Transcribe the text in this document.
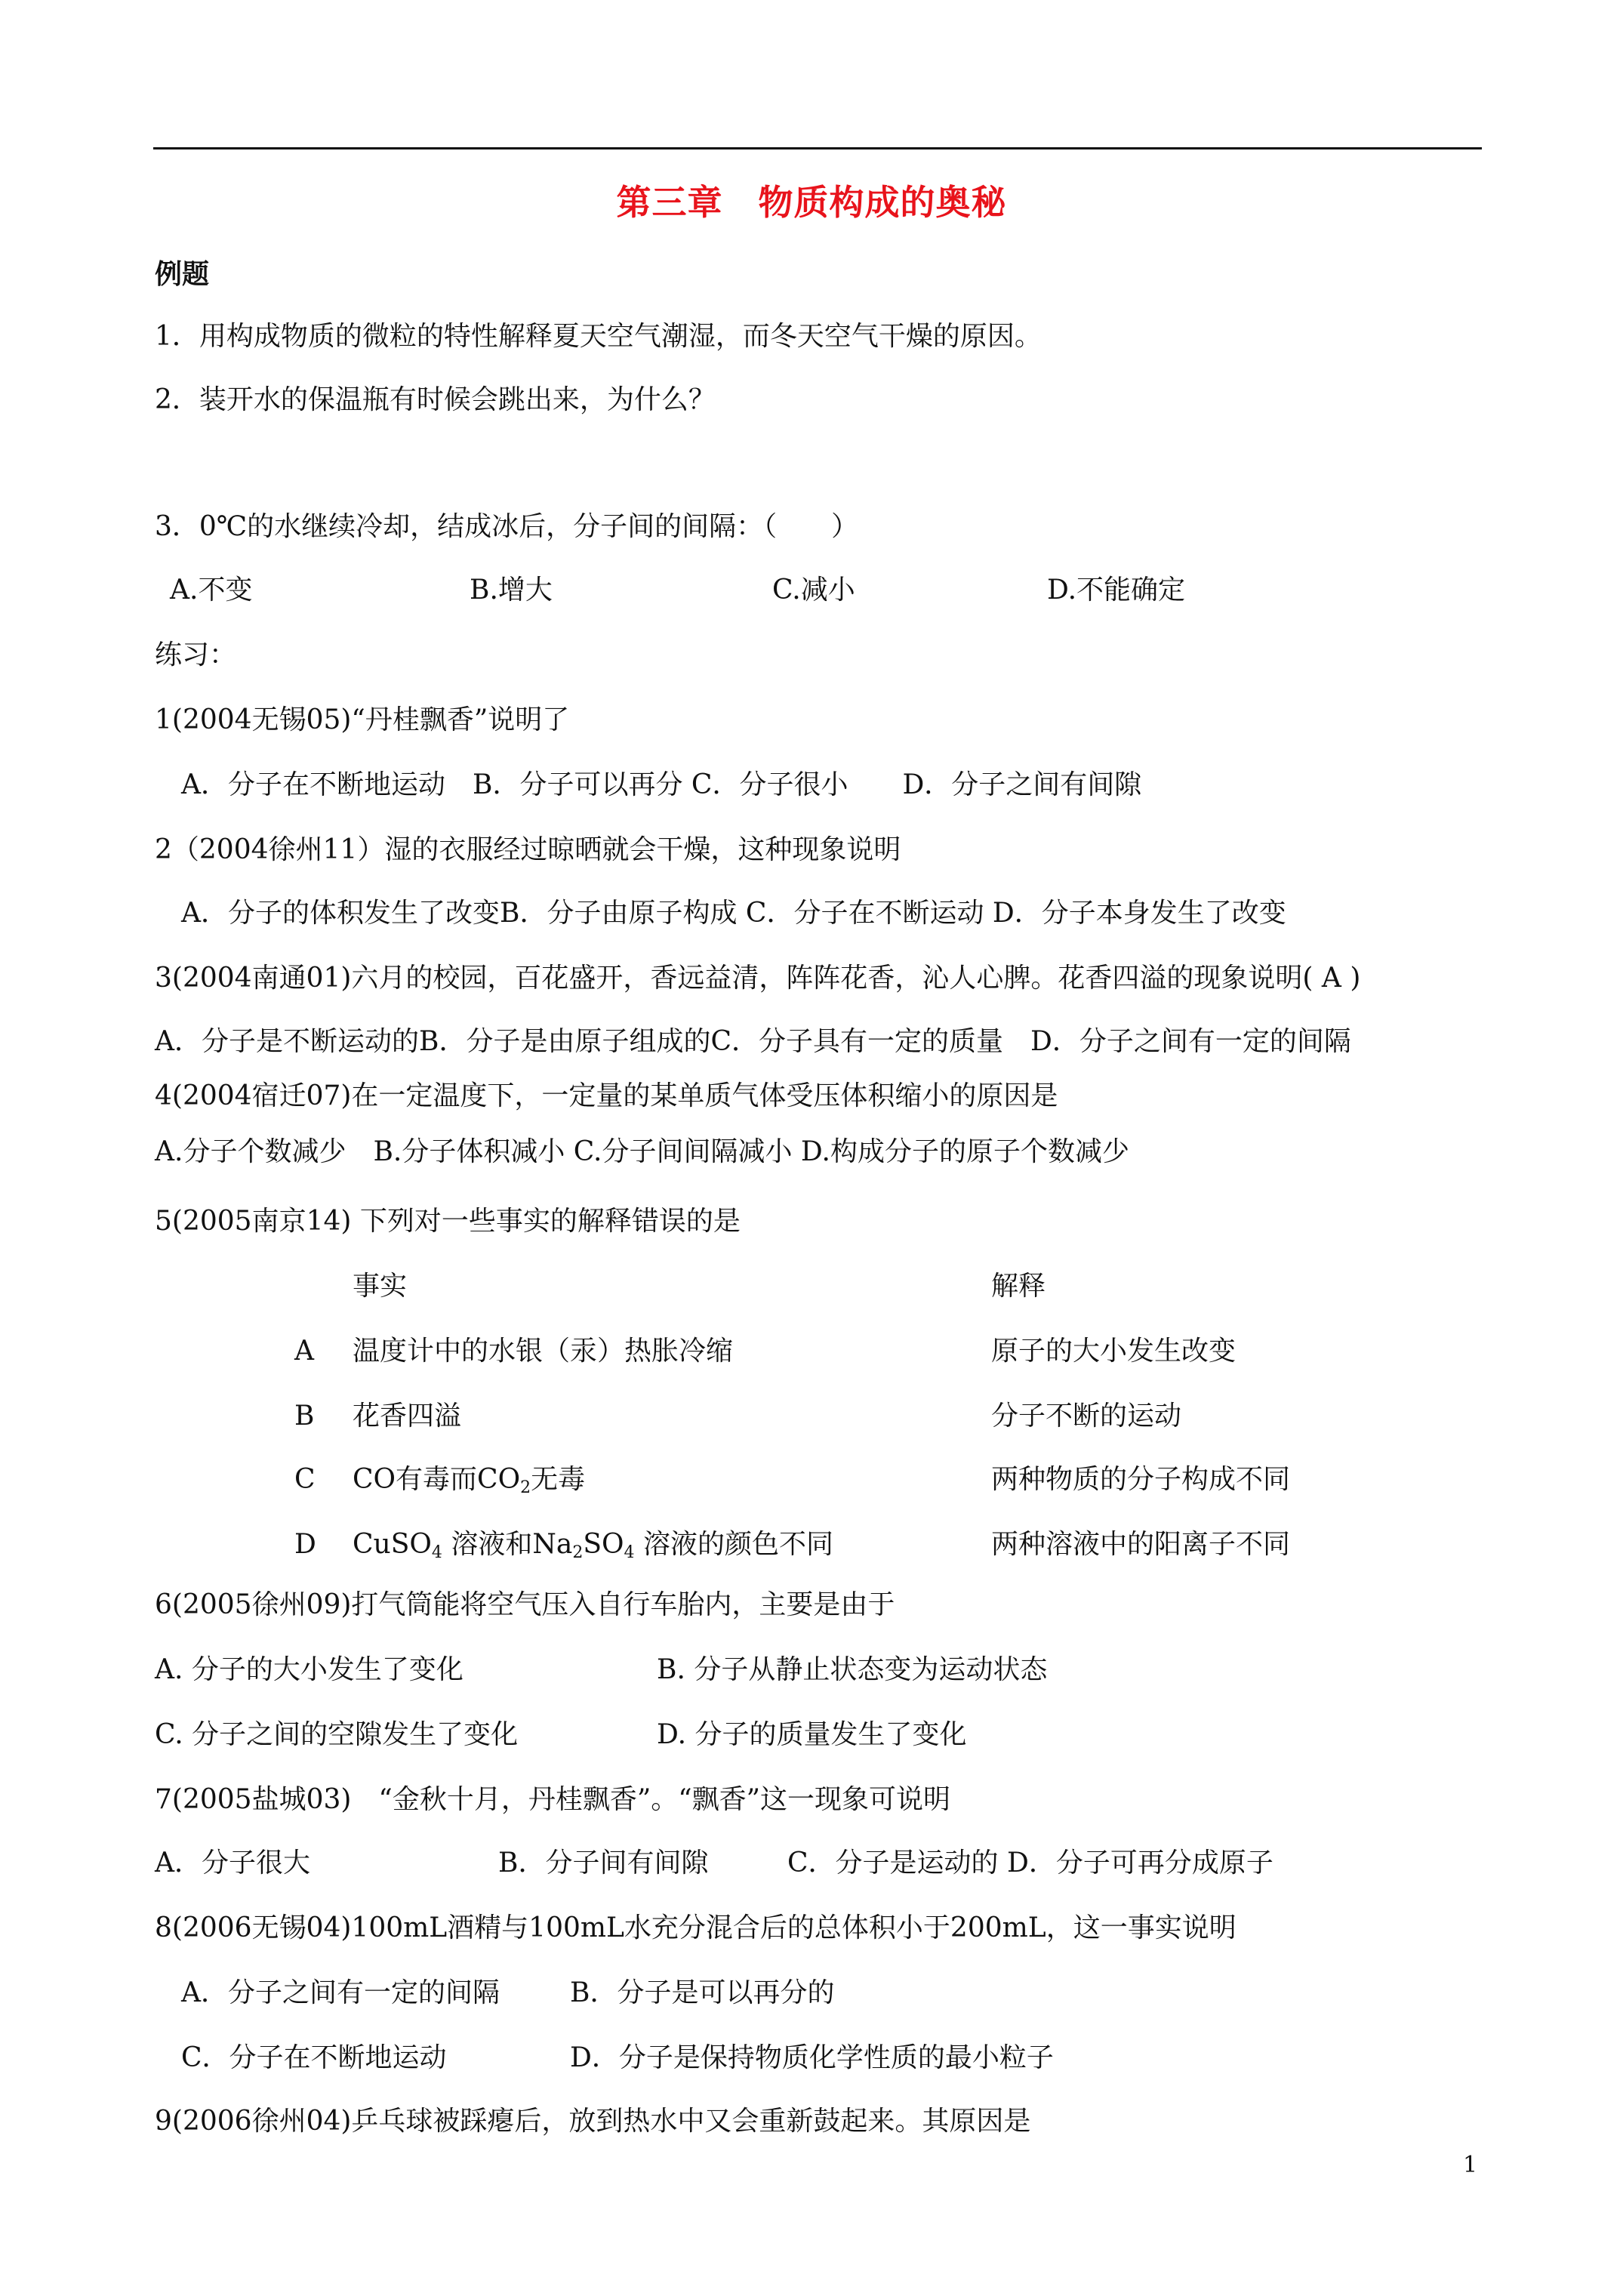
第三章　物质构成的奥秘
例题
1．用构成物质的微粒的特性解释夏天空气潮湿，而冬天空气干燥的原因。
2．装开水的保温瓶有时候会跳出来，为什么？
3．0℃的水继续冷却，结成冰后，分子间的间隔：（　　）
A.不变	B.增大	C.减小	D.不能确定
练习：
1(2004无锡05)“丹桂飘香”说明了
A．分子在不断地运动　B．分子可以再分 C．分子很小　　D．分子之间有间隙
2（2004徐州11）湿的衣服经过晾晒就会干燥，这种现象说明
A．分子的体积发生了改变B．分子由原子构成 C．分子在不断运动 D．分子本身发生了改变
3(2004南通01)六月的校园，百花盛开，香远益清，阵阵花香，沁人心脾。花香四溢的现象说明( A )
A．分子是不断运动的B．分子是由原子组成的C．分子具有一定的质量　D．分子之间有一定的间隔
4(2004宿迁07)在一定温度下，一定量的某单质气体受压体积缩小的原因是
A.分子个数减少　B.分子体积减小 C.分子间间隔减小 D.构成分子的原子个数减少
5(2005南京14) 下列对一些事实的解释错误的是
事实	解释
A 温度计中的水银（汞）热胀冷缩	原子的大小发生改变
B 花香四溢	分子不断的运动
C CO有毒而$CO_2$无毒	两种物质的分子构成不同
D CuSO$_4$ 溶液和$Na_2SO_4$ 溶液的颜色不同	两种溶液中的阳离子不同
6(2005徐州09)打气筒能将空气压入自行车胎内，主要是由于
A. 分子的大小发生了变化	B. 分子从静止状态变为运动状态
C. 分子之间的空隙发生了变化	D. 分子的质量发生了变化
7(2005盐城03)　“金秋十月，丹桂飘香”。“飘香”这一现象可说明
A．分子很大	B．分子间有间隙	C．分子是运动的 D．分子可再分成原子
8(2006无锡04)100mL酒精与100mL水充分混合后的总体积小于200mL，这一事实说明
A．分子之间有一定的间隔	B．分子是可以再分的
C．分子在不断地运动	D．分子是保持物质化学性质的最小粒子
9(2006徐州04)乒乓球被踩瘪后，放到热水中又会重新鼓起来。其原因是
1
